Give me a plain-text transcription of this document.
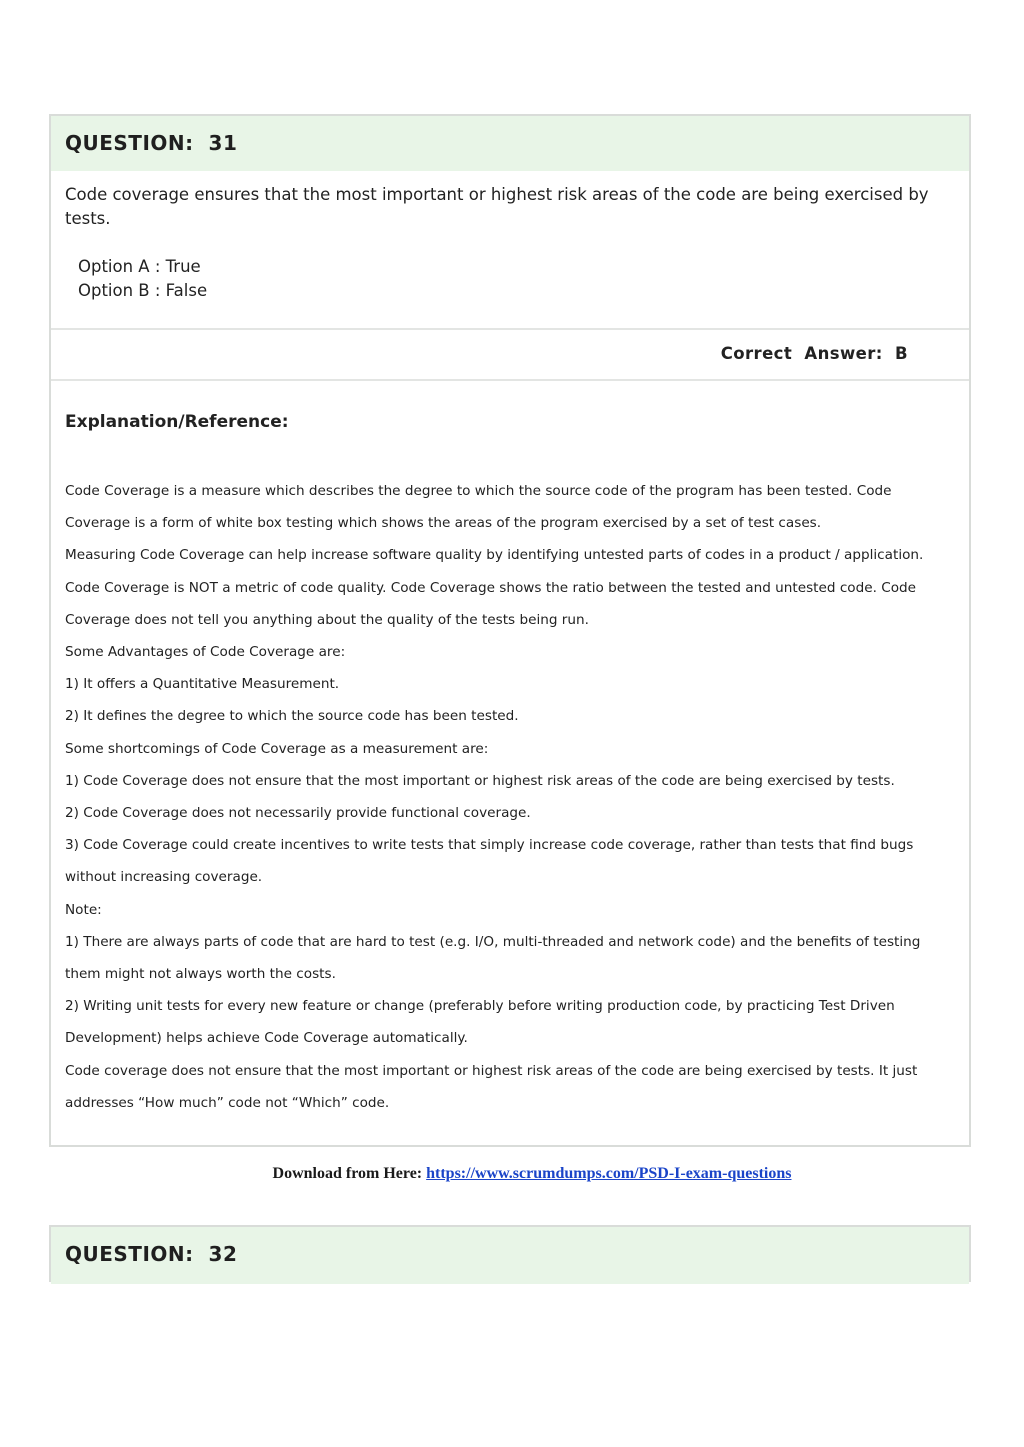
QUESTION:  31
Code coverage ensures that the most important or highest risk areas of the code are being exercised by tests.
Option A : True
Option B : False
Correct  Answer:  B
Explanation/Reference:

Code Coverage is a measure which describes the degree to which the source code of the program has been tested. Code Coverage is a form of white box testing which shows the areas of the program exercised by a set of test cases.

Measuring Code Coverage can help increase software quality by identifying untested parts of codes in a product / application.

Code Coverage is NOT a metric of code quality. Code Coverage shows the ratio between the tested and untested code. Code Coverage does not tell you anything about the quality of the tests being run.

Some Advantages of Code Coverage are:

1) It offers a Quantitative Measurement.

2) It defines the degree to which the source code has been tested.

Some shortcomings of Code Coverage as a measurement are:

1) Code Coverage does not ensure that the most important or highest risk areas of the code are being exercised by tests.

2) Code Coverage does not necessarily provide functional coverage.

3) Code Coverage could create incentives to write tests that simply increase code coverage, rather than tests that find bugs without increasing coverage.

Note:

1) There are always parts of code that are hard to test (e.g. I/O, multi-threaded and network code) and the benefits of testing them might not always worth the costs.

2) Writing unit tests for every new feature or change (preferably before writing production code, by practicing Test Driven Development) helps achieve Code Coverage automatically.

Code coverage does not ensure that the most important or highest risk areas of the code are being exercised by tests. It just addresses “How much” code not “Which” code.

Download from Here: https://www.scrumdumps.com/PSD-I-exam-questions
QUESTION:  32
